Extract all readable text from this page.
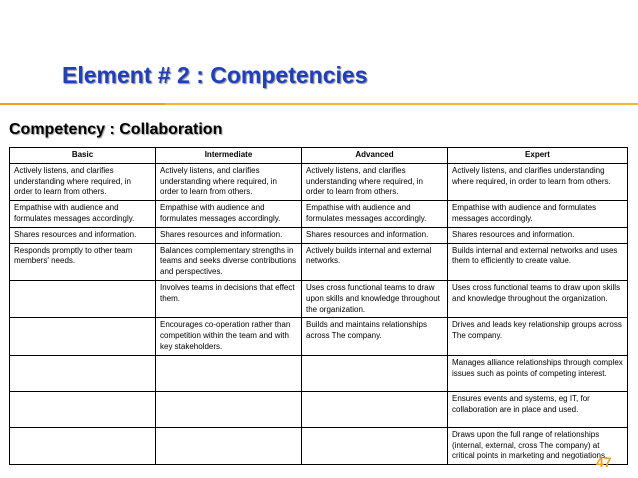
Element # 2 : Competencies
Competency : Collaboration
Basic	Intermediate	Advanced	Expert
Actively listens, and clarifies understanding where required, in order to learn from others.	Actively listens, and clarifies understanding where required, in order to learn from others.	Actively listens, and clarifies understanding where required, in order to learn from others.	Actively listens, and clarifies understanding where required, in order to learn from others.
Empathise with audience and formulates messages accordingly.	Empathise with audience and formulates messages accordingly.	Empathise with audience and formulates messages accordingly.	Empathise with audience and formulates messages accordingly.
Shares resources and information.	Shares resources and information.	Shares resources and information.	Shares resources and information.
Responds promptly to other team members' needs.	Balances complementary strengths in teams and seeks diverse contributions and perspectives.	Actively builds internal and external networks.	Builds internal and external networks and uses them to efficiently to create value.
	Involves teams in decisions that effect them.	Uses cross functional teams to draw upon skills and knowledge throughout the organization.	Uses cross functional teams to draw upon skills and knowledge throughout the organization.
	Encourages co-operation rather than competition within the team and with key stakeholders.	Builds and maintains relationships across The company.	Drives and leads key relationship groups across The company.
			Manages alliance relationships through complex issues such as points of competing interest.
			Ensures events and systems, eg IT, for collaboration are in place and used.
			Draws upon the full range of relationships (internal, external, cross The company) at critical points in marketing and negotiations.
47
